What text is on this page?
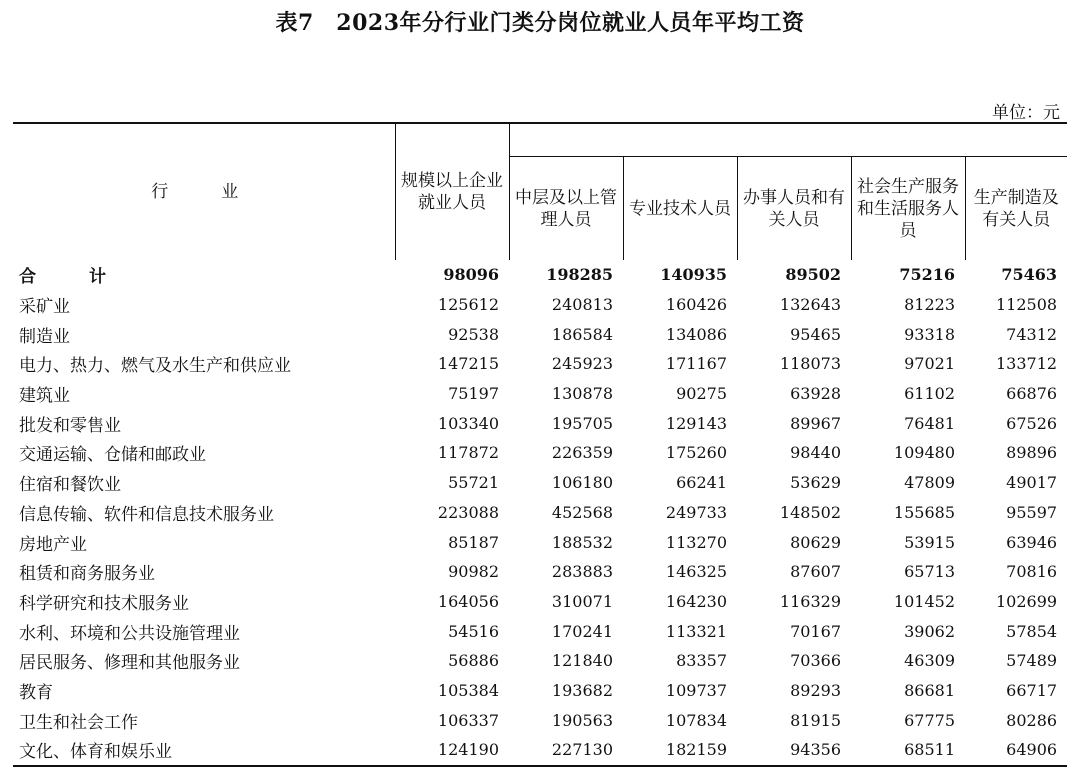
表7　2023年分行业门类分岗位就业人员年平均工资
单位：元
行　业	规模以上企业就业人员					
		中层及以上管理人员	专业技术人员	办事人员和有关人员	社会生产服务和生活服务人员	生产制造及有关人员
合　计	98096	198285	140935	89502	75216	75463
采矿业	125612	240813	160426	132643	81223	112508
制造业	92538	186584	134086	95465	93318	74312
电力、热力、燃气及水生产和供应业	147215	245923	171167	118073	97021	133712
建筑业	75197	130878	90275	63928	61102	66876
批发和零售业	103340	195705	129143	89967	76481	67526
交通运输、仓储和邮政业	117872	226359	175260	98440	109480	89896
住宿和餐饮业	55721	106180	66241	53629	47809	49017
信息传输、软件和信息技术服务业	223088	452568	249733	148502	155685	95597
房地产业	85187	188532	113270	80629	53915	63946
租赁和商务服务业	90982	283883	146325	87607	65713	70816
科学研究和技术服务业	164056	310071	164230	116329	101452	102699
水利、环境和公共设施管理业	54516	170241	113321	70167	39062	57854
居民服务、修理和其他服务业	56886	121840	83357	70366	46309	57489
教育	105384	193682	109737	89293	86681	66717
卫生和社会工作	106337	190563	107834	81915	67775	80286
文化、体育和娱乐业	124190	227130	182159	94356	68511	64906
